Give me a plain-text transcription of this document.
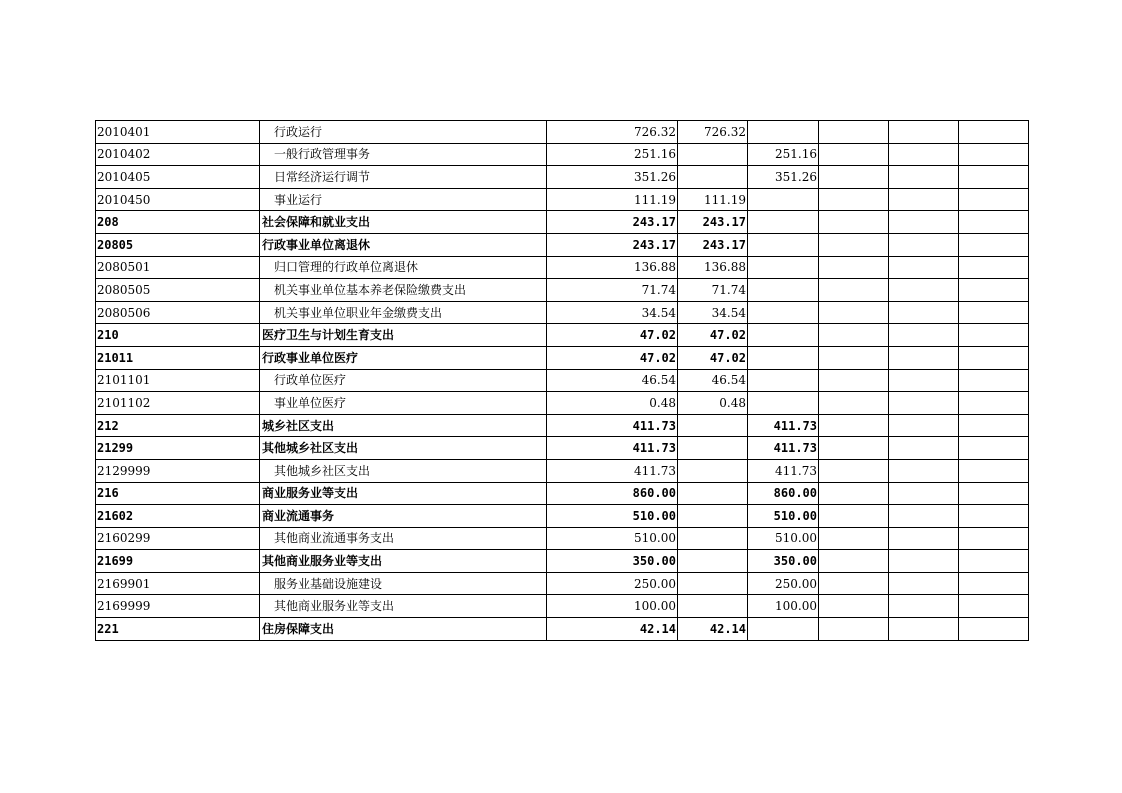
2010401	行政运行	726.32	726.32				
2010402	一般行政管理事务	251.16		251.16			
2010405	日常经济运行调节	351.26		351.26			
2010450	事业运行	111.19	111.19				
208	社会保障和就业支出	243.17	243.17				
20805	行政事业单位离退休	243.17	243.17				
2080501	归口管理的行政单位离退休	136.88	136.88				
2080505	机关事业单位基本养老保险缴费支出	71.74	71.74				
2080506	机关事业单位职业年金缴费支出	34.54	34.54				
210	医疗卫生与计划生育支出	47.02	47.02				
21011	行政事业单位医疗	47.02	47.02				
2101101	行政单位医疗	46.54	46.54				
2101102	事业单位医疗	0.48	0.48				
212	城乡社区支出	411.73		411.73			
21299	其他城乡社区支出	411.73		411.73			
2129999	其他城乡社区支出	411.73		411.73			
216	商业服务业等支出	860.00		860.00			
21602	商业流通事务	510.00		510.00			
2160299	其他商业流通事务支出	510.00		510.00			
21699	其他商业服务业等支出	350.00		350.00			
2169901	服务业基础设施建设	250.00		250.00			
2169999	其他商业服务业等支出	100.00		100.00			
221	住房保障支出	42.14	42.14				
